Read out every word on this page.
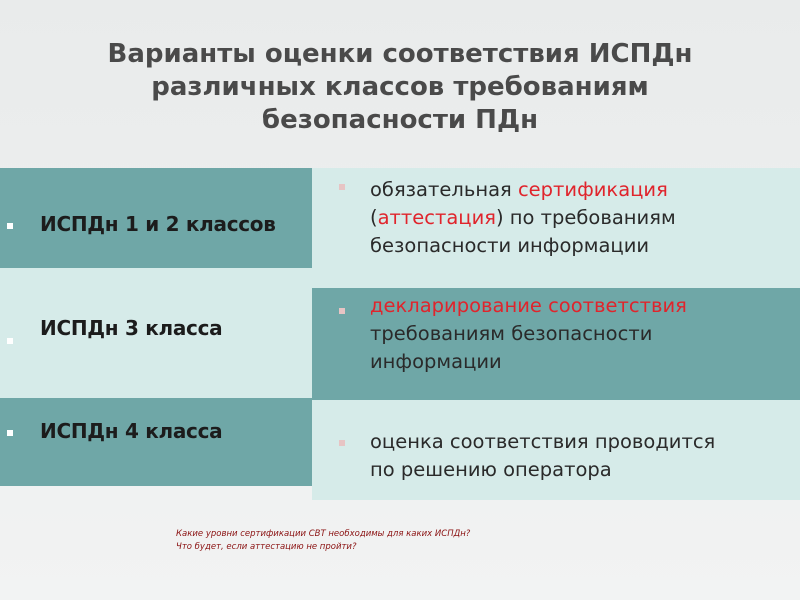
Варианты оценки соответствия ИСПДн
различных классов требованиям
безопасности ПДн
ИСПДн 1 и 2 классов
ИСПДн 3 класса
ИСПДн 4 класса
обязательная сертификация
(аттестация) по требованиям
безопасности информации
декларирование соответствия
требованиям безопасности
информации
оценка соответствия проводится
по решению оператора
Какие уровни сертификации СВТ необходимы для каких ИСПДн?
Что будет, если аттестацию не пройти?
